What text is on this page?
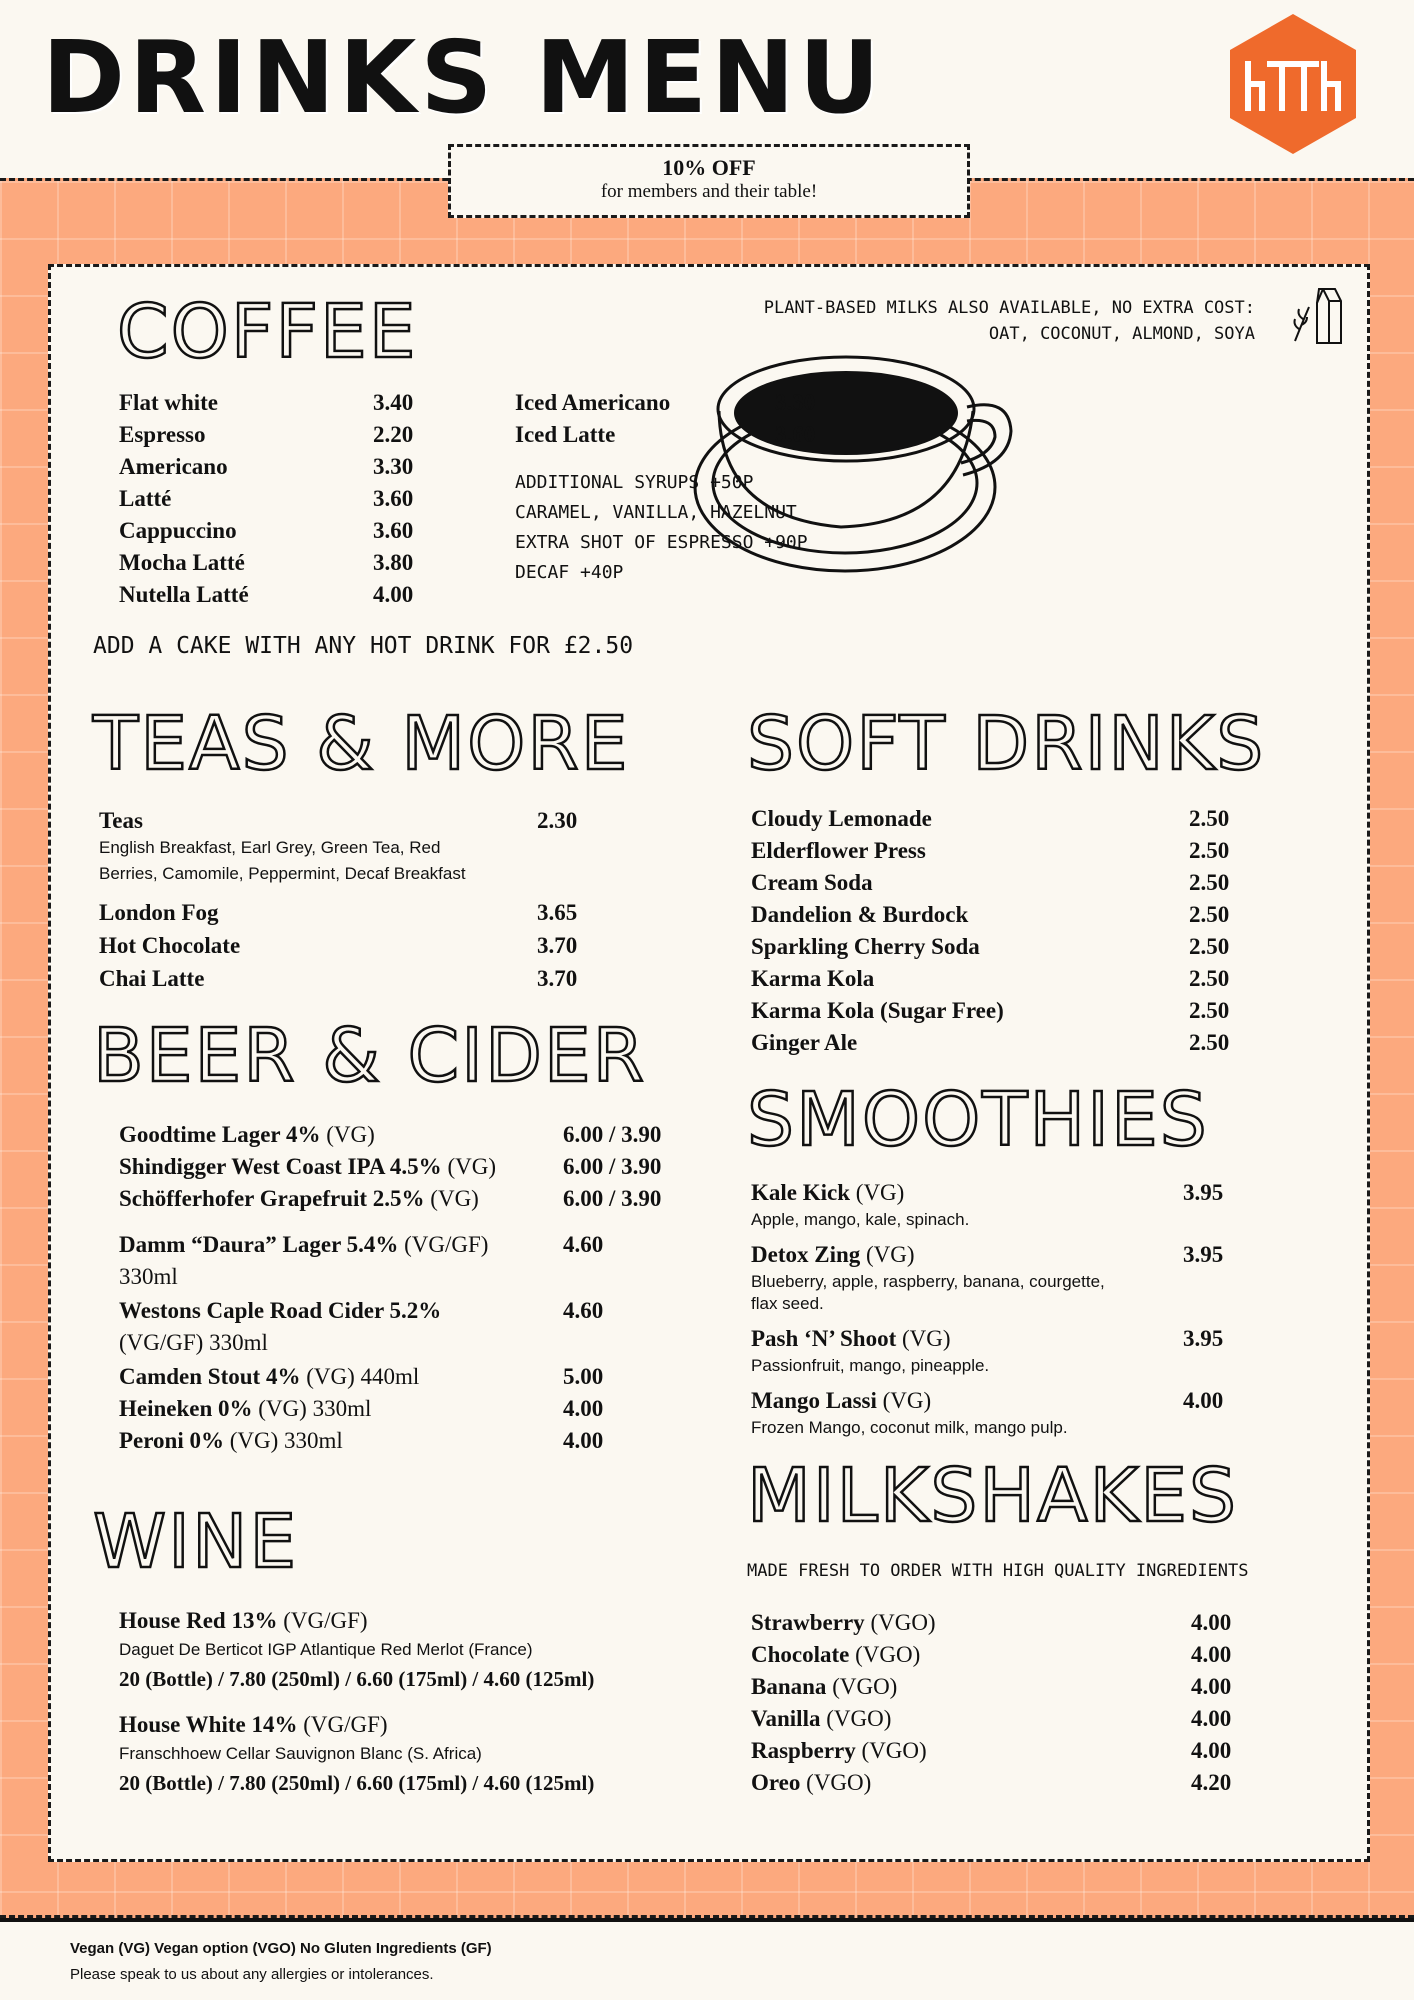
DRINKS MENU
10% OFF
for members and their table!
COFFEE	PLANT-BASED MILKS ALSO AVAILABLE, NO EXTRA COST:
OAT, COCONUT, ALMOND, SOYA
ADD A CAKE WITH ANY HOT DRINK FOR £2.50
TEAS & MORE
Teas	2.30
English Breakfast, Earl Grey, Green Tea, Red
Berries, Camomile, Peppermint, Decaf Breakfast
SOFT DRINKS
BEER & CIDER
SMOOTHIES
WINE
MILKSHAKES
MADE FRESH TO ORDER WITH HIGH QUALITY INGREDIENTS
Flat white	3.40
Espresso	2.20
Americano	3.30
Latté	3.60
Cappuccino	3.60
Mocha Latté	3.80
Nutella Latté	4.00
Iced Americano	3.30
Iced Latte	3.60
ADDITIONAL SYRUPS +50P
CARAMEL, VANILLA, HAZELNUT
EXTRA SHOT OF ESPRESSO +90P
DECAF +40P
London Fog	3.65
Hot Chocolate	3.70
Chai Latte	3.70
Cloudy Lemonade	2.50
Elderflower Press	2.50
Cream Soda	2.50
Dandelion & Burdock	2.50
Sparkling Cherry Soda	2.50
Karma Kola	2.50
Karma Kola (Sugar Free)	2.50
Ginger Ale	2.50
Goodtime Lager 4% (VG)	6.00 / 3.90
Shindigger West Coast IPA 4.5% (VG)	6.00 / 3.90
Schöfferhofer Grapefruit 2.5% (VG)	6.00 / 3.90
Damm “Daura” Lager 5.4% (VG/GF)	4.60
330ml
Westons Caple Road Cider 5.2%	4.60
(VG/GF) 330ml
Camden Stout 4% (VG) 440ml	5.00
Heineken 0% (VG) 330ml	4.00
Peroni 0% (VG) 330ml	4.00
Kale Kick (VG)	3.95
Apple, mango, kale, spinach.
Detox Zing (VG)	3.95
Blueberry, apple, raspberry, banana, courgette,
flax seed.
Pash ‘N’ Shoot (VG)	3.95
Passionfruit, mango, pineapple.
Mango Lassi (VG)	4.00
Frozen Mango, coconut milk, mango pulp.
House Red 13% (VG/GF)
Daguet De Berticot IGP Atlantique Red Merlot (France)
20 (Bottle) / 7.80 (250ml) / 6.60 (175ml) / 4.60 (125ml)
House White 14% (VG/GF)
Franschhoew Cellar Sauvignon Blanc (S. Africa)
20 (Bottle) / 7.80 (250ml) / 6.60 (175ml) / 4.60 (125ml)
Strawberry (VGO)	4.00
Chocolate (VGO)	4.00
Banana (VGO)	4.00
Vanilla (VGO)	4.00
Raspberry (VGO)	4.00
Oreo (VGO)	4.20
Vegan (VG) Vegan option (VGO) No Gluten Ingredients (GF)
Please speak to us about any allergies or intolerances.
